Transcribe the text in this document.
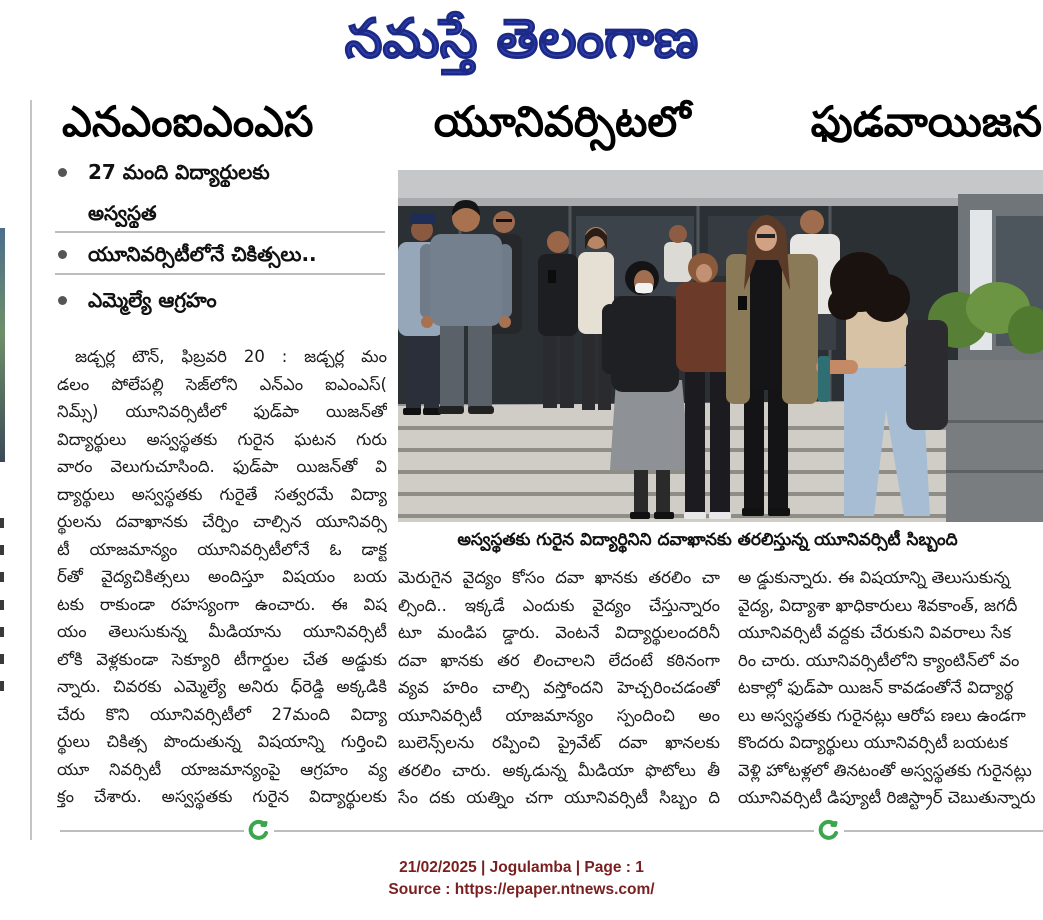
నమస్తే తెలంగాణ
ఎనఎంఐఎంఎస యూనివర్సిటలో ఫుడవాయిజన
27 మంది విద్యార్థులకు
అస్వస్థత
యూనివర్సిటీలోనే చికిత్సలు..
ఎమ్మెల్యే ఆగ్రహం
జడ్చర్ల టౌన్, ఫిబ్రవరి 20 : జడ్చర్ల మం
డలం పోలేపల్లి సెజ్‌లోని ఎన్‌ఎం ఐఎంఎస్(
నిమ్స్) యూనివర్సిటీలో ఫుడ్‌పా యిజన్‌తో
విద్యార్థులు అస్వస్థతకు గురైన ఘటన గురు
వారం వెలుగుచూసింది. ఫుడ్‌పా యిజన్‌తో వి
ద్యార్థులు అస్వస్థతకు గురైతే సత్వరమే విద్యా
ర్థులను దవాఖానకు చేర్పిం చాల్సిన యూనివర్సి
టీ యాజమాన్యం యూనివర్సిటీలోనే ఓ డాక్ట
ర్‌తో వైద్యచికిత్సలు అందిస్తూ విషయం బయ
టకు రాకుండా రహస్యంగా ఉంచారు. ఈ విష
యం తెలుసుకున్న మీడియాను యూనివర్సిటీ
లోకి వెళ్లకుండా సెక్యూరి టీగార్డుల చేత అడ్డుకు
న్నారు. చివరకు ఎమ్మెల్యే అనిరు ధ్‌రెడ్డి అక్కడికి
చేరు కొని యూనివర్సిటీలో 27మంది విద్యా
ర్థులు చికిత్స పొందుతున్న విషయాన్ని గుర్తించి
యూ నివర్సిటీ యాజమాన్యంపై ఆగ్రహం వ్య
క్తం చేశారు. అస్వస్థతకు గురైన విద్యార్థులకు
అస్వస్థతకు గురైన విద్యార్థినిని దవాఖానకు తరలిస్తున్న యూనివర్సిటీ సిబ్బంది
మెరుగైన వైద్యం కోసం దవా ఖానకు తరలిం చా
ల్సింది.. ఇక్కడే ఎందుకు వైద్యం చేస్తున్నారం
టూ మండిప డ్డారు. వెంటనే విద్యార్థులందరినీ
దవా ఖానకు తర లించాలని లేదంటే కఠినంగా
వ్యవ హరిం చాల్సి వస్తోందని హెచ్చరించడంతో
యూనివర్సిటీ యాజమాన్యం స్పందించి అం
బులెన్స్‌లను రప్పించి ప్రైవేట్ దవా ఖానలకు
తరలిం చారు. అక్కడున్న మీడియా ఫొటోలు తీ
సేం దకు యత్నిం చగా యూనివర్సిటీ సిబ్బం ది
అ డ్డుకున్నారు. ఈ విషయాన్ని తెలుసుకున్న
వైద్య, విద్యాశా ఖాధికారులు శివకాంత్, జగదీ
యూనివర్సిటీ వద్దకు చేరుకుని వివరాలు సేక
రిం చారు. యూనివర్సిటీలోని క్యాంటిన్‌లో వం
టకాల్లో ఫుడ్‌పా యిజన్ కావడంతోనే విద్యార్థ
లు అస్వస్థతకు గురైనట్లు ఆరోప ణలు ఉండగా
కొందరు విద్యార్థులు యూనివర్సిటీ బయటక
వెళ్లి హోటళ్లలో తినటంతో అస్వస్థతకు గురైనట్లు
యూనివర్సిటీ డిప్యూటీ రిజిస్ట్రార్ చెబుతున్నారు
21/02/2025 | Jogulamba | Page : 1
Source : https://epaper.ntnews.com/
